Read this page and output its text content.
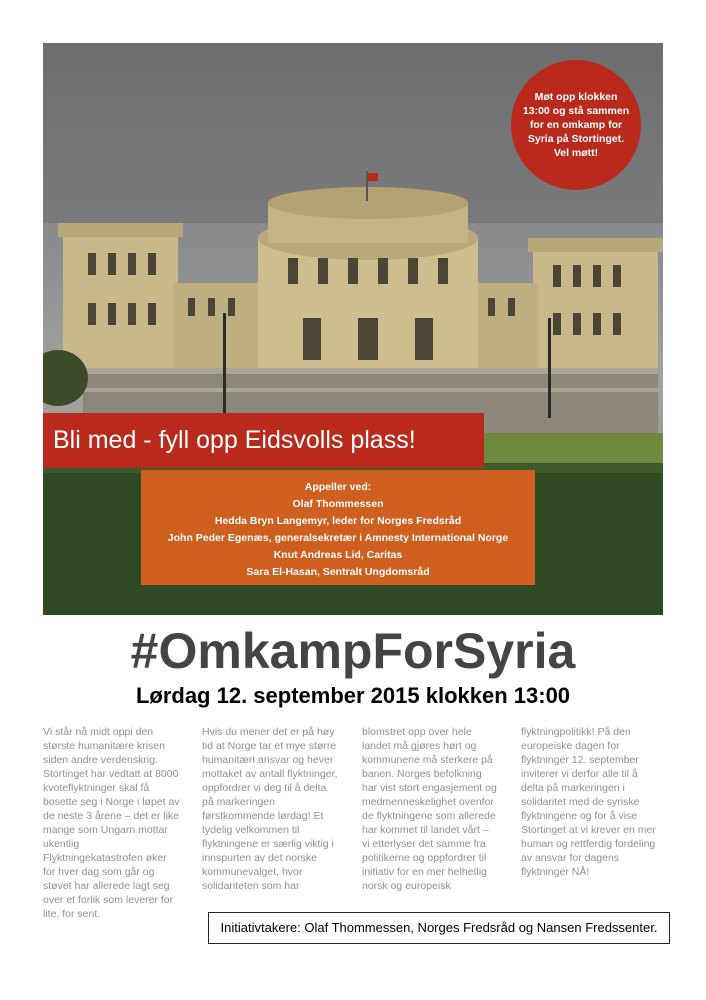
Møt opp klokken 13:00 og stå sammen for en omkamp for Syria på Stortinget. Vel møtt!
Bli med - fyll opp Eidsvolls plass!
Appeller ved:
Olaf Thommessen
Hedda Bryn Langemyr, leder for Norges Fredsråd
John Peder Egenæs, generalsekretær i Amnesty International Norge
Knut Andreas Lid, Caritas
Sara El-Hasan, Sentralt Ungdomsråd
#OmkampForSyria
Lørdag 12. september 2015 klokken 13:00
Vi står nå midt oppi den største humanitære krisen siden andre verdenskrig. Stortinget har vedtatt at 8000 kvoteflyktninger skal få bosette seg i Norge i løpet av de neste 3 årene – det er like mange som Ungarn mottar ukentlig Flyktningekatastrofen øker for hver dag som går og støvet har allerede lagt seg over et forlik som leverer for lite, for sent.
Hvis du mener det er på høy tid at Norge tar et mye større humanitært ansvar og hever mottaket av antall flyktninger, oppfordrer vi deg til å delta på markeringen førstkommende lørdag! Et tydelig velkommen til flyktningene er særlig viktig i innspurten av det norske kommunevalget, hvor solidariteten som har
blomstret opp over hele landet må gjøres hørt og kommunene må sterkere på banen. Norges befolkning har vist stort engasjement og medmenneskelighet ovenfor de flyktningene som allerede har kommet til landet vårt – vi etterlyser det samme fra politikerne og oppfordrer til initiativ for en mer helhetlig norsk og europeisk
flyktningpolitikk! På den europeiske dagen for flyktninger 12. september inviterer vi derfor alle til å delta på markeringen i solidaritet med de syriske flyktningene og for å vise Stortinget at vi krever en mer human og rettferdig fordeling av ansvar for dagens flyktninger NÅ!
Initiativtakere: Olaf Thommessen, Norges Fredsråd og Nansen Fredssenter.
